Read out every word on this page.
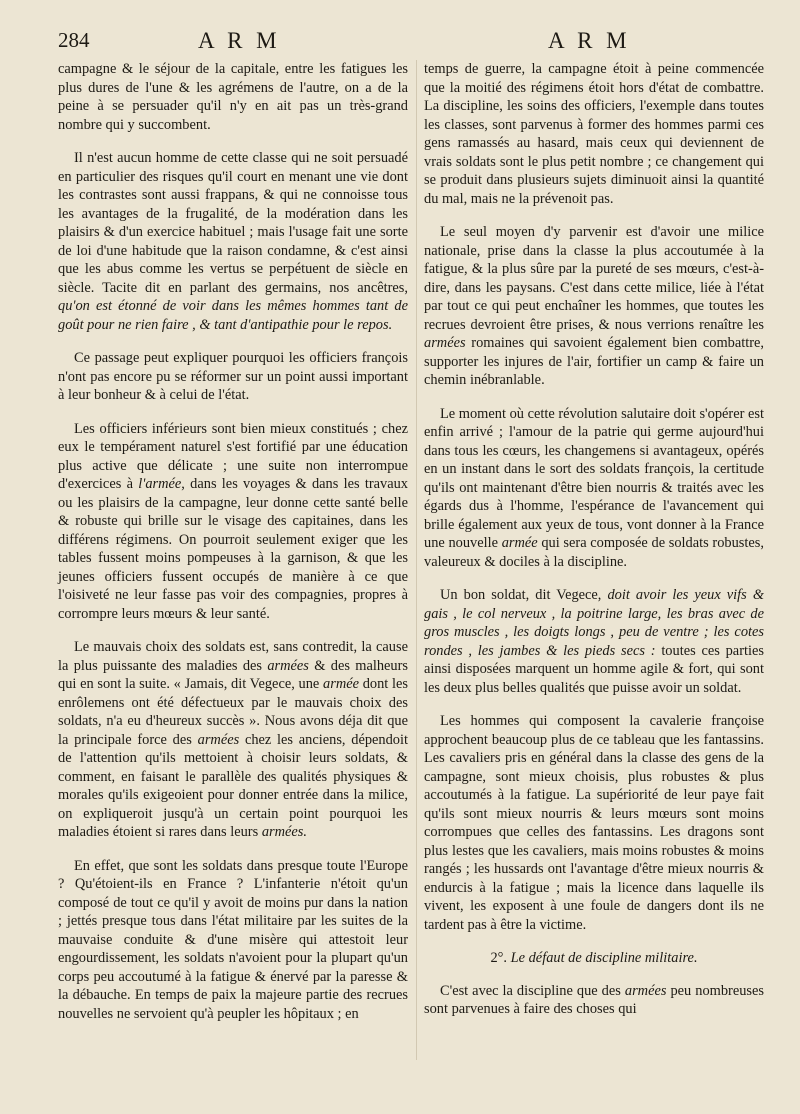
284	A R M	A R M

campagne & le séjour de la capitale, entre les fatigues les plus dures de l'une & les agrémens de l'autre, on a de la peine à se persuader qu'il n'y en ait pas un très-grand nombre qui y succombent.

Il n'est aucun homme de cette classe qui ne soit persuadé en particulier des risques qu'il court en menant une vie dont les contrastes sont aussi frappans, & qui ne connoisse tous les avantages de la frugalité, de la modération dans les plaisirs & d'un exercice habituel ; mais l'usage fait une sorte de loi d'une habitude que la raison condamne, & c'est ainsi que les abus comme les vertus se perpétuent de siècle en siècle. Tacite dit en parlant des germains, nos ancêtres, qu'on est étonné de voir dans les mêmes hommes tant de goût pour ne rien faire , & tant d'antipathie pour le repos.

Ce passage peut expliquer pourquoi les officiers françois n'ont pas encore pu se réformer sur un point aussi important à leur bonheur & à celui de l'état.

Les officiers inférieurs sont bien mieux constitués ; chez eux le tempérament naturel s'est fortifié par une éducation plus active que délicate ; une suite non interrompue d'exercices à l'armée, dans les voyages & dans les travaux ou les plaisirs de la campagne, leur donne cette santé belle & robuste qui brille sur le visage des capitaines, dans les différens régimens. On pourroit seulement exiger que les tables fussent moins pompeuses à la garnison, & que les jeunes officiers fussent occupés de manière à ce que l'oisiveté ne leur fasse pas voir des compagnies, propres à corrompre leurs mœurs & leur santé.

Le mauvais choix des soldats est, sans contredit, la cause la plus puissante des maladies des armées & des malheurs qui en sont la suite. « Jamais, dit Vegece, une armée dont les enrôlemens ont été défectueux par le mauvais choix des soldats, n'a eu d'heureux succès ». Nous avons déja dit que la principale force des armées chez les anciens, dépendoit de l'attention qu'ils mettoient à choisir leurs soldats, & comment, en faisant le parallèle des qualités physiques & morales qu'ils exigeoient pour donner entrée dans la milice, on expliqueroit jusqu'à un certain point pourquoi les maladies étoient si rares dans leurs armées.

En effet, que sont les soldats dans presque toute l'Europe ? Qu'étoient-ils en France ? L'infanterie n'étoit qu'un composé de tout ce qu'il y avoit de moins pur dans la nation ; jettés presque tous dans l'état militaire par les suites de la mauvaise conduite & d'une misère qui attestoit leur engourdissement, les soldats n'avoient pour la plupart qu'un corps peu accoutumé à la fatigue & énervé par la paresse & la débauche. En temps de paix la majeure partie des recrues nouvelles ne servoient qu'à peupler les hôpitaux ; en

temps de guerre, la campagne étoit à peine commencée que la moitié des régimens étoit hors d'état de combattre. La discipline, les soins des officiers, l'exemple dans toutes les classes, sont parvenus à former des hommes parmi ces gens ramassés au hasard, mais ceux qui deviennent de vrais soldats sont le plus petit nombre ; ce changement qui se produit dans plusieurs sujets diminuoit ainsi la quantité du mal, mais ne la prévenoit pas.

Le seul moyen d'y parvenir est d'avoir une milice nationale, prise dans la classe la plus accoutumée à la fatigue, & la plus sûre par la pureté de ses mœurs, c'est-à-dire, dans les paysans. C'est dans cette milice, liée à l'état par tout ce qui peut enchaîner les hommes, que toutes les recrues devroient être prises, & nous verrions renaître les armées romaines qui savoient également bien combattre, supporter les injures de l'air, fortifier un camp & faire un chemin inébranlable.

Le moment où cette révolution salutaire doit s'opérer est enfin arrivé ; l'amour de la patrie qui germe aujourd'hui dans tous les cœurs, les changemens si avantageux, opérés en un instant dans le sort des soldats françois, la certitude qu'ils ont maintenant d'être bien nourris & traités avec les égards dus à l'homme, l'espérance de l'avancement qui brille également aux yeux de tous, vont donner à la France une nouvelle armée qui sera composée de soldats robustes, valeureux & dociles à la discipline.

Un bon soldat, dit Vegece, doit avoir les yeux vifs & gais , le col nerveux , la poitrine large, les bras avec de gros muscles , les doigts longs , peu de ventre ; les cotes rondes , les jambes & les pieds secs : toutes ces parties ainsi disposées marquent un homme agile & fort, qui sont les deux plus belles qualités que puisse avoir un soldat.

Les hommes qui composent la cavalerie françoise approchent beaucoup plus de ce tableau que les fantassins. Les cavaliers pris en général dans la classe des gens de la campagne, sont mieux choisis, plus robustes & plus accoutumés à la fatigue. La supériorité de leur paye fait qu'ils sont mieux nourris & leurs mœurs sont moins corrompues que celles des fantassins. Les dragons sont plus lestes que les cavaliers, mais moins robustes & moins rangés ; les hussards ont l'avantage d'être mieux nourris & endurcis à la fatigue ; mais la licence dans laquelle ils vivent, les exposent à une foule de dangers dont ils ne tardent pas à être la victime.

2°. Le défaut de discipline militaire.

C'est avec la discipline que des armées peu nombreuses sont parvenues à faire des choses qui
